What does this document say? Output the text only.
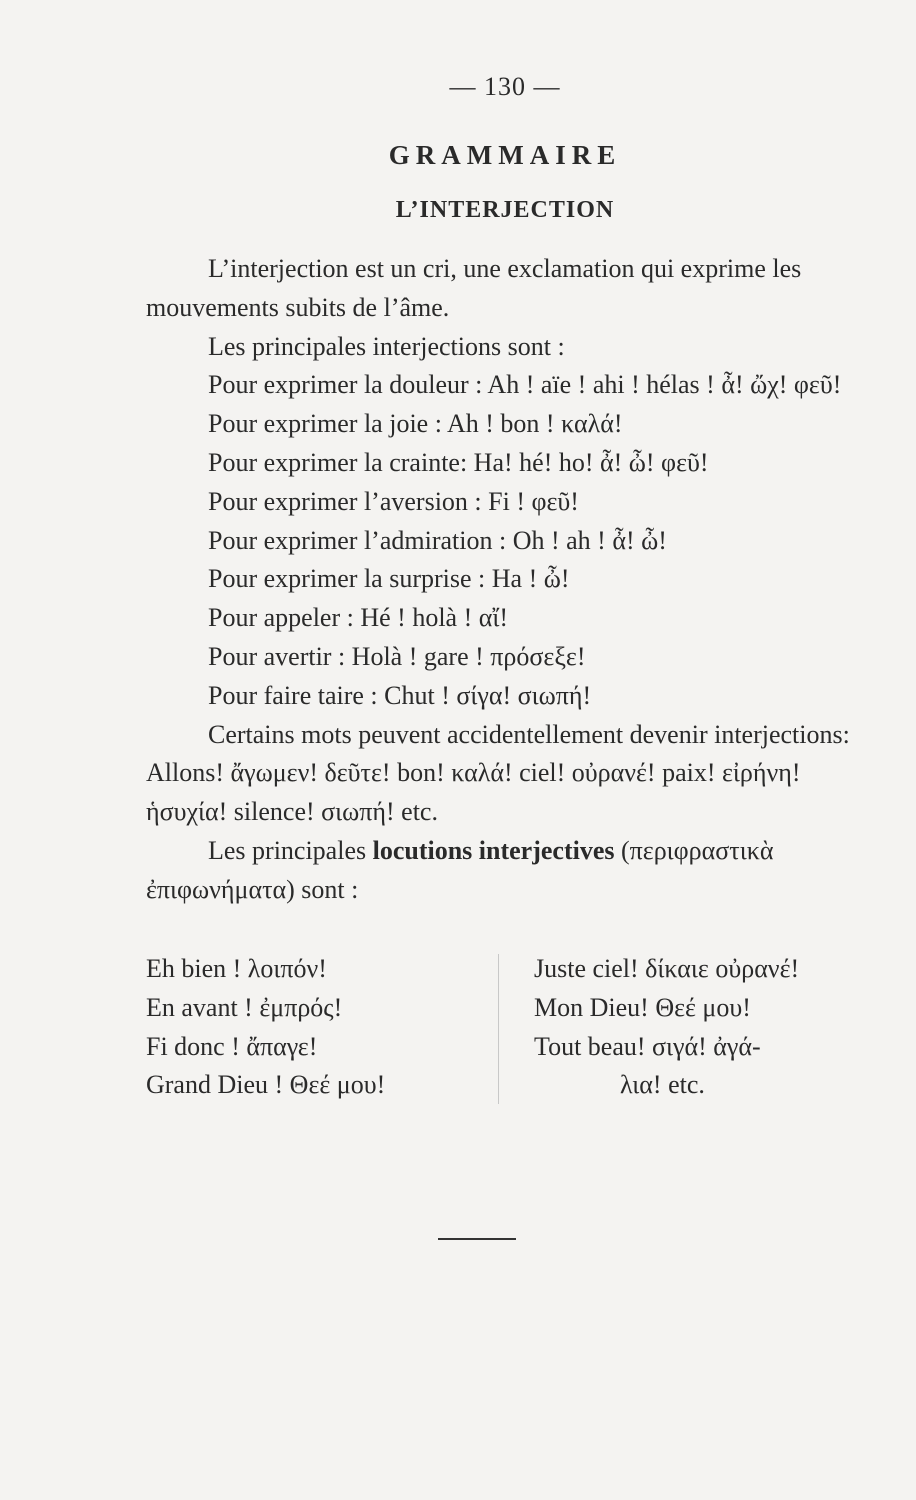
— 130 —
GRAMMAIRE
L’INTERJECTION

L’interjection est un cri, une exclamation qui exprime les mouvements subits de l’âme.

Les principales interjections sont :

Pour exprimer la douleur : Ah ! aïe ! ahi ! hélas ! ἆ! ὤχ! φεῦ!

Pour exprimer la joie : Ah ! bon ! καλά!

Pour exprimer la crainte: Ha! hé! ho! ἆ! ὦ! φεῦ!

Pour exprimer l’aversion : Fi ! φεῦ!

Pour exprimer l’admiration : Oh ! ah ! ἆ! ὦ!

Pour exprimer la surprise : Ha ! ὦ!

Pour appeler : Hé ! holà ! αἴ!

Pour avertir : Holà ! gare ! πρόσεξε!

Pour faire taire : Chut ! σίγα! σιωπή!

Certains mots peuvent accidentellement devenir interjections: Allons! ἄγωμεν! δεῦτε! bon! καλά! ciel! οὐρανέ! paix! εἰρήνη! ἡσυχία! silence! σιωπή! etc.

Les principales locutions interjectives (περιφραστικὰ ἐπιφωνήματα) sont :

Eh bien ! λοιπόν!

En avant ! ἐμπρός!

Fi donc ! ἄπαγε!

Grand Dieu ! Θεέ μου!

Juste ciel! δίκαιε οὐρανέ!

Mon Dieu! Θεέ μου!

Tout beau! σιγά! ἀγά-

λια! etc.
